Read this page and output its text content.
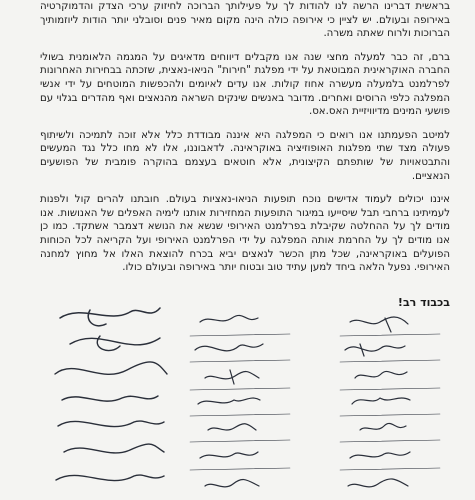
בראשית דברינו הרשה לנו להודות לך על פעילותך הברוכה לחיזוק ערכי הצדק והדמוקרטיה באירופה ובעולם. יש לציין כי אירופה כולה הינה מקום מאיר פנים וסובלני יותר הודות ליוזמותיך הברוכות ולרוח שאתה משרה.

ברם, זה כבר למעלה מחצי שנה אנו מקבלים דיווחים מדאיגים על המגמה הלאומנית בשולי החברה האוקראינית המבוטאת על ידי מפלגת "חירות" הניאו-נאצית, שזכתה בבחירות האחרונות לפרלמנט בלמעלה מעשרה אחוז קולות. אנו עדים לאיומים ולהכפשות המוטחים על ידי אנשי המפלגה כלפי הרוסים ואחרים. מדובר באנשים שינקים השראה מהנאצים ואף מהדרים בגלוי עם פושעי המינים מדיוויזיית האס.אס.

למיטב הפעמתנו אנו רואים כי המפלגה היא איננה מבודדת כלל אלא זוכה לתמיכה ולשיתוף פעולה מצד שתי מפלגות האופוזיציה באוקראינה. לדאבוננו, אלו לא מחו כלל נגד המעשים והתבטאויות של שותפתם הקיצונית, אלא חוטאים בעצמם בהוקרה פומבית של הפושעים הנאציים.

איננו יכולים לעמוד אדישים נוכח תופעות הניאו-נאציות בעולם. חובתנו להרים קול ולפנות לעמיתינו ברחבי תבל שיסייעו במיגור התופעות המחזירות אותנו לימיה האפלים של האנושות. אנו מודים לך על ההחלטה שקיבלת בפרלמנט האירופי שנשא את הנושא דצמבר אשתקד. כמו כן אנו מודים לך על החרמת אותה המפלגה על ידי הפרלמנט האירופי ועל הקריאה לכל הכוחות הפועלים באוקראינה, שכל מתן הכשר לנאצים יביא בכרח להוצאת האלו אל מחוץ למחנה האירופי. נפעל הלאה ביחד למען עתיד טוב ובטוח יותר באירופה ובעולם כולו.

בכבוד רב!
